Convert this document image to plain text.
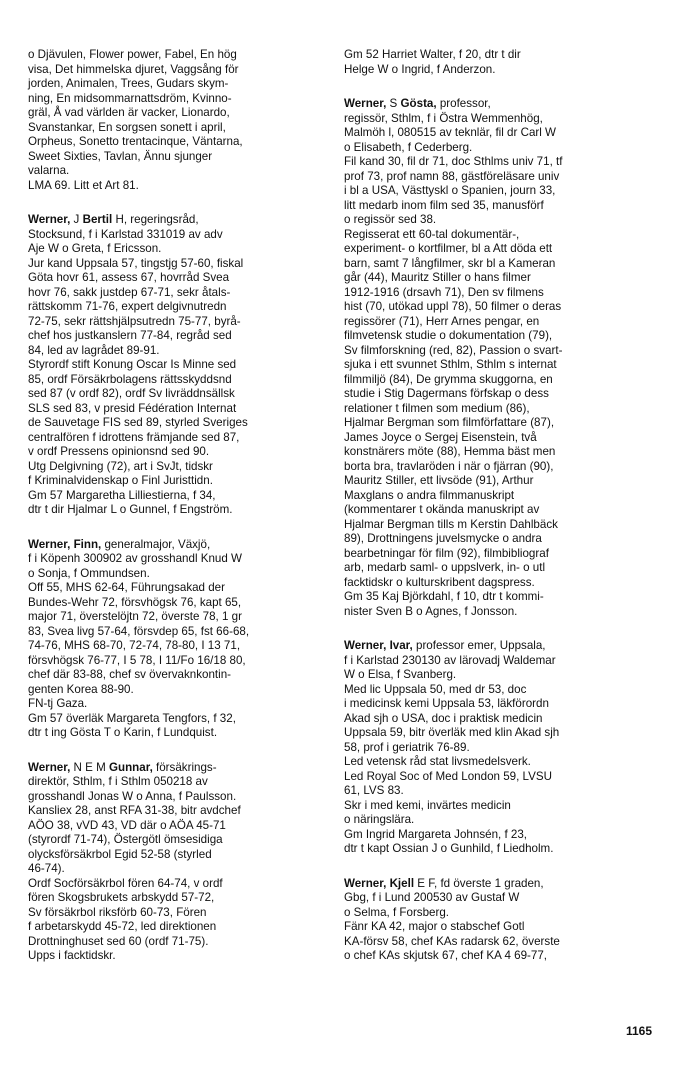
o Djävulen, Flower power, Fabel, En hög
visa, Det himmelska djuret, Vaggsång för
jorden, Animalen, Trees, Gudars skym-
ning, En midsommarnattsdröm, Kvinno-
gräl, Å vad världen är vacker, Lionardo,
Svanstankar, En sorgsen sonett i april,
Orpheus, Sonetto trentacinque, Väntarna,
Sweet Sixties, Tavlan, Ännu sjunger
valarna.
LMA 69. Litt et Art 81.
Werner, J Bertil H, regeringsråd,
Stocksund, f i Karlstad 331019 av adv
Aje W o Greta, f Ericsson.
Jur kand Uppsala 57, tingstjg 57-60, fiskal
Göta hovr 61, assess 67, hovrråd Svea
hovr 76, sakk justdep 67-71, sekr åtals-
rättskomm 71-76, expert delgivnutredn
72-75, sekr rättshjälpsutredn 75-77, byrå-
chef hos justkanslern 77-84, regråd sed
84, led av lagrådet 89-91.
Styrordf stift Konung Oscar Is Minne sed
85, ordf Försäkrbolagens rättsskyddsnd
sed 87 (v ordf 82), ordf Sv livräddnsällsk
SLS sed 83, v presid Fédération Internat
de Sauvetage FIS sed 89, styrled Sveriges
centralfören f idrottens främjande sed 87,
v ordf Pressens opinionsnd sed 90.
Utg Delgivning (72), art i SvJt, tidskr
f Kriminalvidenskap o Finl Juristtidn.
Gm 57 Margaretha Lilliestierna, f 34,
dtr t dir Hjalmar L o Gunnel, f Engström.
Werner, Finn, generalmajor, Växjö,
f i Köpenh 300902 av grosshandl Knud W
o Sonja, f Ommundsen.
Off 55, MHS 62-64, Führungsakad der
Bundes-Wehr 72, försvhögsk 76, kapt 65,
major 71, överstelöjtn 72, överste 78, 1 gr
83, Svea livg 57-64, försvdep 65, fst 66-68,
74-76, MHS 68-70, 72-74, 78-80, I 13 71,
försvhögsk 76-77, I 5 78, I 11/Fo 16/18 80,
chef där 83-88, chef sv övervaknkontin-
genten Korea 88-90.
FN-tj Gaza.
Gm 57 överläk Margareta Tengfors, f 32,
dtr t ing Gösta T o Karin, f Lundquist.
Werner, N E M Gunnar, försäkrings-
direktör, Sthlm, f i Sthlm 050218 av
grosshandl Jonas W o Anna, f Paulsson.
Kansliex 28, anst RFA 31-38, bitr avdchef
AÖO 38, vVD 43, VD där o AÖA 45-71
(styrordf 71-74), Östergötl ömsesidiga
olycksförsäkrbol Egid 52-58 (styrled
46-74).
Ordf Socförsäkrbol fören 64-74, v ordf
fören Skogsbrukets arbskydd 57-72,
Sv försäkrbol riksförb 60-73, Fören
f arbetarskydd 45-72, led direktionen
Drottninghuset sed 60 (ordf 71-75).
Upps i facktidskr.
Gm 52 Harriet Walter, f 20, dtr t dir
Helge W o Ingrid, f Anderzon.
Werner, S Gösta, professor,
regissör, Sthlm, f i Östra Wemmenhög,
Malmöh l, 080515 av teknlär, fil dr Carl W
o Elisabeth, f Cederberg.
Fil kand 30, fil dr 71, doc Sthlms univ 71, tf
prof 73, prof namn 88, gästföreläsare univ
i bl a USA, Västtyskl o Spanien, journ 33,
litt medarb inom film sed 35, manusförf
o regissör sed 38.
Regisserat ett 60-tal dokumentär-,
experiment- o kortfilmer, bl a Att döda ett
barn, samt 7 långfilmer, skr bl a Kameran
går (44), Mauritz Stiller o hans filmer
1912-1916 (drsavh 71), Den sv filmens
hist (70, utökad uppl 78), 50 filmer o deras
regissörer (71), Herr Arnes pengar, en
filmvetensk studie o dokumentation (79),
Sv filmforskning (red, 82), Passion o svart-
sjuka i ett svunnet Sthlm, Sthlm s internat
filmmiljö (84), De grymma skuggorna, en
studie i Stig Dagermans förfskap o dess
relationer t filmen som medium (86),
Hjalmar Bergman som filmförfattare (87),
James Joyce o Sergej Eisenstein, två
konstnärers möte (88), Hemma bäst men
borta bra, travlaröden i när o fjärran (90),
Mauritz Stiller, ett livsöde (91), Arthur
Maxglans o andra filmmanuskript
(kommentarer t okända manuskript av
Hjalmar Bergman tills m Kerstin Dahlbäck
89), Drottningens juvelsmycke o andra
bearbetningar för film (92), filmbibliograf
arb, medarb saml- o uppslverk, in- o utl
facktidskr o kulturskribent dagspress.
Gm 35 Kaj Björkdahl, f 10, dtr t kommi-
nister Sven B o Agnes, f Jonsson.
Werner, Ivar, professor emer, Uppsala,
f i Karlstad 230130 av lärovadj Waldemar
W o Elsa, f Svanberg.
Med lic Uppsala 50, med dr 53, doc
i medicinsk kemi Uppsala 53, läkförordn
Akad sjh o USA, doc i praktisk medicin
Uppsala 59, bitr överläk med klin Akad sjh
58, prof i geriatrik 76-89.
Led vetensk råd stat livsmedelsverk.
Led Royal Soc of Med London 59, LVSU
61, LVS 83.
Skr i med kemi, invärtes medicin
o näringslära.
Gm Ingrid Margareta Johnsén, f 23,
dtr t kapt Ossian J o Gunhild, f Liedholm.
Werner, Kjell E F, fd överste 1 graden,
Gbg, f i Lund 200530 av Gustaf W
o Selma, f Forsberg.
Fänr KA 42, major o stabschef Gotl
KA-försv 58, chef KAs radarsk 62, överste
o chef KAs skjutsk 67, chef KA 4 69-77,
1165
